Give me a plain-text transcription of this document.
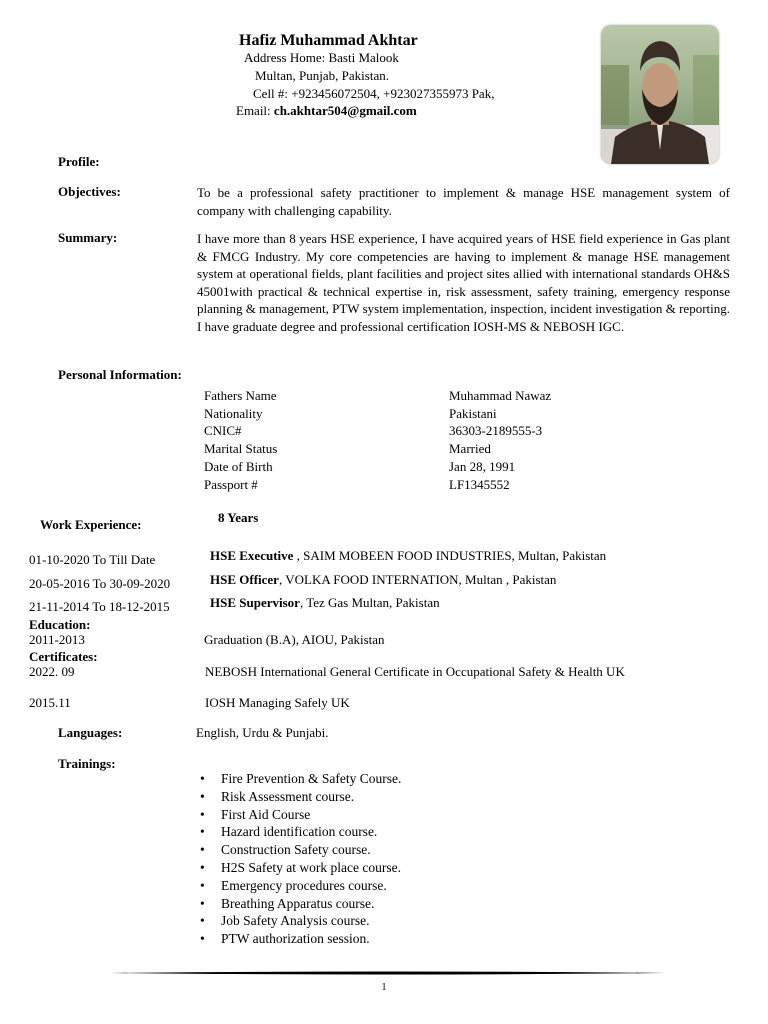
Hafiz Muhammad Akhtar
Address Home: Basti Malook
Multan, Punjab, Pakistan.
Cell #: +923456072504, +923027355973 Pak,
Email: ch.akhtar504@gmail.com
Profile:
Objectives:	To be a professional safety practitioner to implement & manage HSE management system of company with challenging capability.
Summary:	I have more than 8 years HSE experience, I have acquired years of HSE field experience in Gas plant & FMCG Industry. My core competencies are having to implement & manage HSE management system at operational fields, plant facilities and project sites allied with international standards OH&S 45001with practical & technical expertise in, risk assessment, safety training, emergency response planning & management, PTW system implementation, inspection, incident investigation & reporting. I have graduate degree and professional certification IOSH-MS & NEBOSH IGC.
Personal Information:
Fathers Name	Muhammad Nawaz
Nationality	Pakistani
CNIC#	36303-2189555-3
Marital Status	Married
Date of Birth	Jan 28, 1991
Passport #	LF1345552
Work Experience:	8 Years
01-10-2020 To Till Date	HSE Executive , SAIM MOBEEN FOOD INDUSTRIES, Multan, Pakistan
20-05-2016 To 30-09-2020	HSE Officer, VOLKA FOOD INTERNATION, Multan , Pakistan
21-11-2014 To 18-12-2015	HSE Supervisor, Tez Gas Multan, Pakistan
Education:
2011-2013	Graduation (B.A), AIOU, Pakistan
Certificates:
2022. 09	NEBOSH International General Certificate in Occupational Safety & Health UK
2015.11	IOSH Managing Safely UK
Languages:	English, Urdu & Punjabi.
Trainings:
• Fire Prevention & Safety Course.
• Risk Assessment course.
• First Aid Course
• Hazard identification course.
• Construction Safety course.
• H2S Safety at work place course.
• Emergency procedures course.
• Breathing Apparatus course.
• Job Safety Analysis course.
• PTW authorization session.
1
